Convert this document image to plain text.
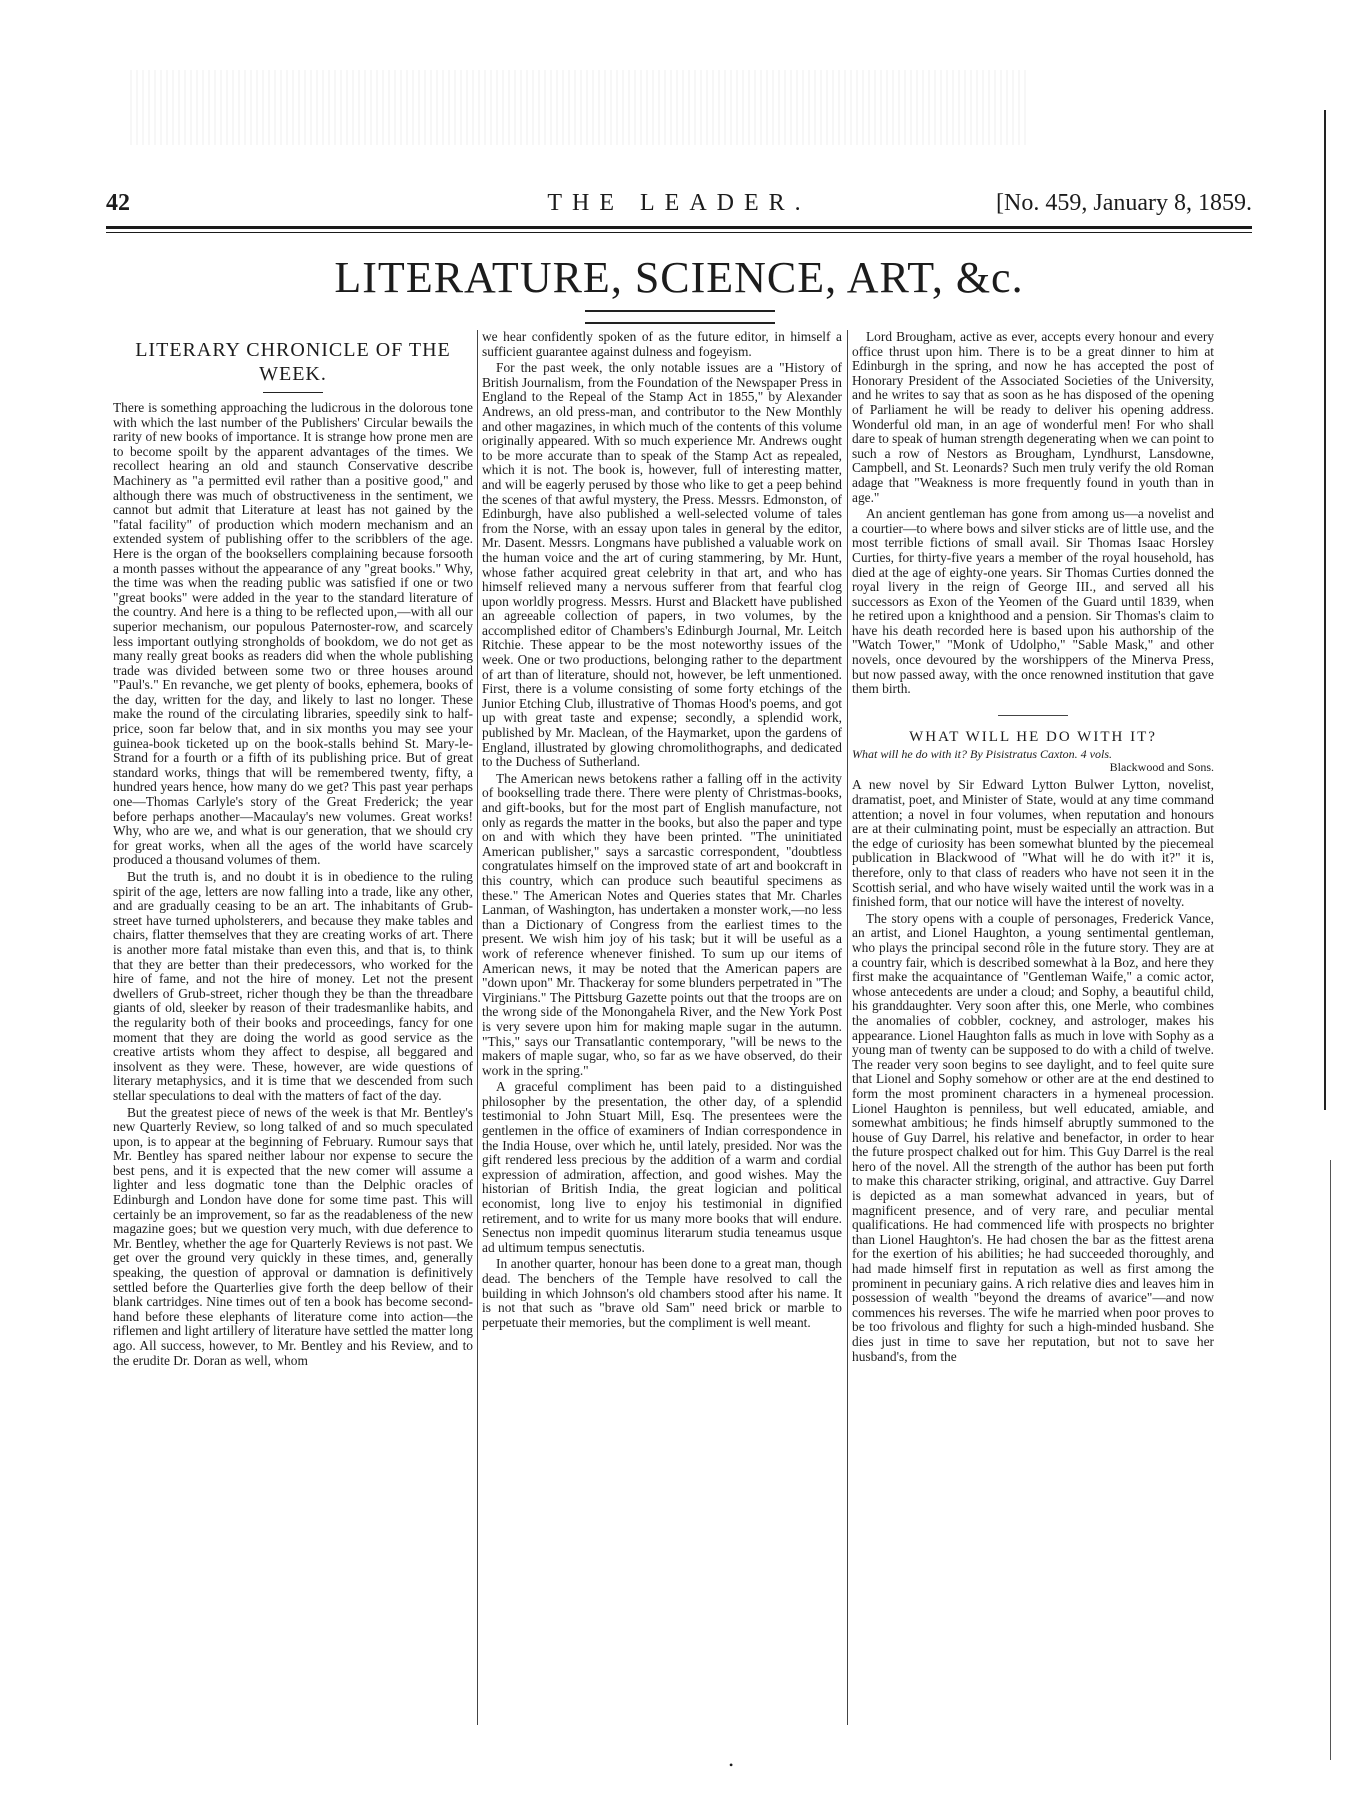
42	THE LEADER.	[No. 459, January 8, 1859.
LITERATURE, SCIENCE, ART, &c.
LITERARY CHRONICLE OF THE WEEK.

There is something approaching the ludicrous in the dolorous tone with which the last number of the Publishers' Circular bewails the rarity of new books of importance. It is strange how prone men are to become spoilt by the apparent advantages of the times. We recollect hearing an old and staunch Conservative describe Machinery as "a permitted evil rather than a positive good," and although there was much of obstructiveness in the sentiment, we cannot but admit that Literature at least has not gained by the "fatal facility" of production which modern mechanism and an extended system of publishing offer to the scribblers of the age. Here is the organ of the booksellers complaining because forsooth a month passes without the appearance of any "great books." Why, the time was when the reading public was satisfied if one or two "great books" were added in the year to the standard literature of the country. And here is a thing to be reflected upon,—with all our superior mechanism, our populous Paternoster-row, and scarcely less important outlying strongholds of bookdom, we do not get as many really great books as readers did when the whole publishing trade was divided between some two or three houses around "Paul's." En revanche, we get plenty of books, ephemera, books of the day, written for the day, and likely to last no longer. These make the round of the circulating libraries, speedily sink to half-price, soon far below that, and in six months you may see your guinea-book ticketed up on the book-stalls behind St. Mary-le-Strand for a fourth or a fifth of its publishing price. But of great standard works, things that will be remembered twenty, fifty, a hundred years hence, how many do we get? This past year perhaps one—Thomas Carlyle's story of the Great Frederick; the year before perhaps another—Macaulay's new volumes. Great works! Why, who are we, and what is our generation, that we should cry for great works, when all the ages of the world have scarcely produced a thousand volumes of them.

But the truth is, and no doubt it is in obedience to the ruling spirit of the age, letters are now falling into a trade, like any other, and are gradually ceasing to be an art. The inhabitants of Grub-street have turned upholsterers, and because they make tables and chairs, flatter themselves that they are creating works of art. There is another more fatal mistake than even this, and that is, to think that they are better than their predecessors, who worked for the hire of fame, and not the hire of money. Let not the present dwellers of Grub-street, richer though they be than the threadbare giants of old, sleeker by reason of their tradesmanlike habits, and the regularity both of their books and proceedings, fancy for one moment that they are doing the world as good service as the creative artists whom they affect to despise, all beggared and insolvent as they were. These, however, are wide questions of literary metaphysics, and it is time that we descended from such stellar speculations to deal with the matters of fact of the day.

But the greatest piece of news of the week is that Mr. Bentley's new Quarterly Review, so long talked of and so much speculated upon, is to appear at the beginning of February. Rumour says that Mr. Bentley has spared neither labour nor expense to secure the best pens, and it is expected that the new comer will assume a lighter and less dogmatic tone than the Delphic oracles of Edinburgh and London have done for some time past. This will certainly be an improvement, so far as the readableness of the new magazine goes; but we question very much, with due deference to Mr. Bentley, whether the age for Quarterly Reviews is not past. We get over the ground very quickly in these times, and, generally speaking, the question of approval or damnation is definitively settled before the Quarterlies give forth the deep bellow of their blank cartridges. Nine times out of ten a book has become second-hand before these elephants of literature come into action—the riflemen and light artillery of literature have settled the matter long ago. All success, however, to Mr. Bentley and his Review, and to the erudite Dr. Doran as well, whom

we hear confidently spoken of as the future editor, in himself a sufficient guarantee against dulness and fogeyism.

For the past week, the only notable issues are a "History of British Journalism, from the Foundation of the Newspaper Press in England to the Repeal of the Stamp Act in 1855," by Alexander Andrews, an old press-man, and contributor to the New Monthly and other magazines, in which much of the contents of this volume originally appeared. With so much experience Mr. Andrews ought to be more accurate than to speak of the Stamp Act as repealed, which it is not. The book is, however, full of interesting matter, and will be eagerly perused by those who like to get a peep behind the scenes of that awful mystery, the Press. Messrs. Edmonston, of Edinburgh, have also published a well-selected volume of tales from the Norse, with an essay upon tales in general by the editor, Mr. Dasent. Messrs. Longmans have published a valuable work on the human voice and the art of curing stammering, by Mr. Hunt, whose father acquired great celebrity in that art, and who has himself relieved many a nervous sufferer from that fearful clog upon worldly progress. Messrs. Hurst and Blackett have published an agreeable collection of papers, in two volumes, by the accomplished editor of Chambers's Edinburgh Journal, Mr. Leitch Ritchie. These appear to be the most noteworthy issues of the week. One or two productions, belonging rather to the department of art than of literature, should not, however, be left unmentioned. First, there is a volume consisting of some forty etchings of the Junior Etching Club, illustrative of Thomas Hood's poems, and got up with great taste and expense; secondly, a splendid work, published by Mr. Maclean, of the Haymarket, upon the gardens of England, illustrated by glowing chromolithographs, and dedicated to the Duchess of Sutherland.

The American news betokens rather a falling off in the activity of bookselling trade there. There were plenty of Christmas-books, and gift-books, but for the most part of English manufacture, not only as regards the matter in the books, but also the paper and type on and with which they have been printed. "The uninitiated American publisher," says a sarcastic correspondent, "doubtless congratulates himself on the improved state of art and bookcraft in this country, which can produce such beautiful specimens as these." The American Notes and Queries states that Mr. Charles Lanman, of Washington, has undertaken a monster work,—no less than a Dictionary of Congress from the earliest times to the present. We wish him joy of his task; but it will be useful as a work of reference whenever finished. To sum up our items of American news, it may be noted that the American papers are "down upon" Mr. Thackeray for some blunders perpetrated in "The Virginians." The Pittsburg Gazette points out that the troops are on the wrong side of the Monongahela River, and the New York Post is very severe upon him for making maple sugar in the autumn. "This," says our Transatlantic contemporary, "will be news to the makers of maple sugar, who, so far as we have observed, do their work in the spring."

A graceful compliment has been paid to a distinguished philosopher by the presentation, the other day, of a splendid testimonial to John Stuart Mill, Esq. The presentees were the gentlemen in the office of examiners of Indian correspondence in the India House, over which he, until lately, presided. Nor was the gift rendered less precious by the addition of a warm and cordial expression of admiration, affection, and good wishes. May the historian of British India, the great logician and political economist, long live to enjoy his testimonial in dignified retirement, and to write for us many more books that will endure. Senectus non impedit quominus literarum studia teneamus usque ad ultimum tempus senectutis.

In another quarter, honour has been done to a great man, though dead. The benchers of the Temple have resolved to call the building in which Johnson's old chambers stood after his name. It is not that such as "brave old Sam" need brick or marble to perpetuate their memories, but the compliment is well meant.

Lord Brougham, active as ever, accepts every honour and every office thrust upon him. There is to be a great dinner to him at Edinburgh in the spring, and now he has accepted the post of Honorary President of the Associated Societies of the University, and he writes to say that as soon as he has disposed of the opening of Parliament he will be ready to deliver his opening address. Wonderful old man, in an age of wonderful men! For who shall dare to speak of human strength degenerating when we can point to such a row of Nestors as Brougham, Lyndhurst, Lansdowne, Campbell, and St. Leonards? Such men truly verify the old Roman adage that "Weakness is more frequently found in youth than in age."

An ancient gentleman has gone from among us—a novelist and a courtier—to where bows and silver sticks are of little use, and the most terrible fictions of small avail. Sir Thomas Isaac Horsley Curties, for thirty-five years a member of the royal household, has died at the age of eighty-one years. Sir Thomas Curties donned the royal livery in the reign of George III., and served all his successors as Exon of the Yeomen of the Guard until 1839, when he retired upon a knighthood and a pension. Sir Thomas's claim to have his death recorded here is based upon his authorship of the "Watch Tower," "Monk of Udolpho," "Sable Mask," and other novels, once devoured by the worshippers of the Minerva Press, but now passed away, with the once renowned institution that gave them birth.

WHAT WILL HE DO WITH IT?
What will he do with it? By Pisistratus Caxton. 4 vols.
Blackwood and Sons.

A new novel by Sir Edward Lytton Bulwer Lytton, novelist, dramatist, poet, and Minister of State, would at any time command attention; a novel in four volumes, when reputation and honours are at their culminating point, must be especially an attraction. But the edge of curiosity has been somewhat blunted by the piecemeal publication in Blackwood of "What will he do with it?" it is, therefore, only to that class of readers who have not seen it in the Scottish serial, and who have wisely waited until the work was in a finished form, that our notice will have the interest of novelty.

The story opens with a couple of personages, Frederick Vance, an artist, and Lionel Haughton, a young sentimental gentleman, who plays the principal second rôle in the future story. They are at a country fair, which is described somewhat à la Boz, and here they first make the acquaintance of "Gentleman Waife," a comic actor, whose antecedents are under a cloud; and Sophy, a beautiful child, his granddaughter. Very soon after this, one Merle, who combines the anomalies of cobbler, cockney, and astrologer, makes his appearance. Lionel Haughton falls as much in love with Sophy as a young man of twenty can be supposed to do with a child of twelve. The reader very soon begins to see daylight, and to feel quite sure that Lionel and Sophy somehow or other are at the end destined to form the most prominent characters in a hymeneal procession. Lionel Haughton is penniless, but well educated, amiable, and somewhat ambitious; he finds himself abruptly summoned to the house of Guy Darrel, his relative and benefactor, in order to hear the future prospect chalked out for him. This Guy Darrel is the real hero of the novel. All the strength of the author has been put forth to make this character striking, original, and attractive. Guy Darrel is depicted as a man somewhat advanced in years, but of magnificent presence, and of very rare, and peculiar mental qualifications. He had commenced life with prospects no brighter than Lionel Haughton's. He had chosen the bar as the fittest arena for the exertion of his abilities; he had succeeded thoroughly, and had made himself first in reputation as well as first among the prominent in pecuniary gains. A rich relative dies and leaves him in possession of wealth "beyond the dreams of avarice"—and now commences his reverses. The wife he married when poor proves to be too frivolous and flighty for such a high-minded husband. She dies just in time to save her reputation, but not to save her husband's, from the

•
